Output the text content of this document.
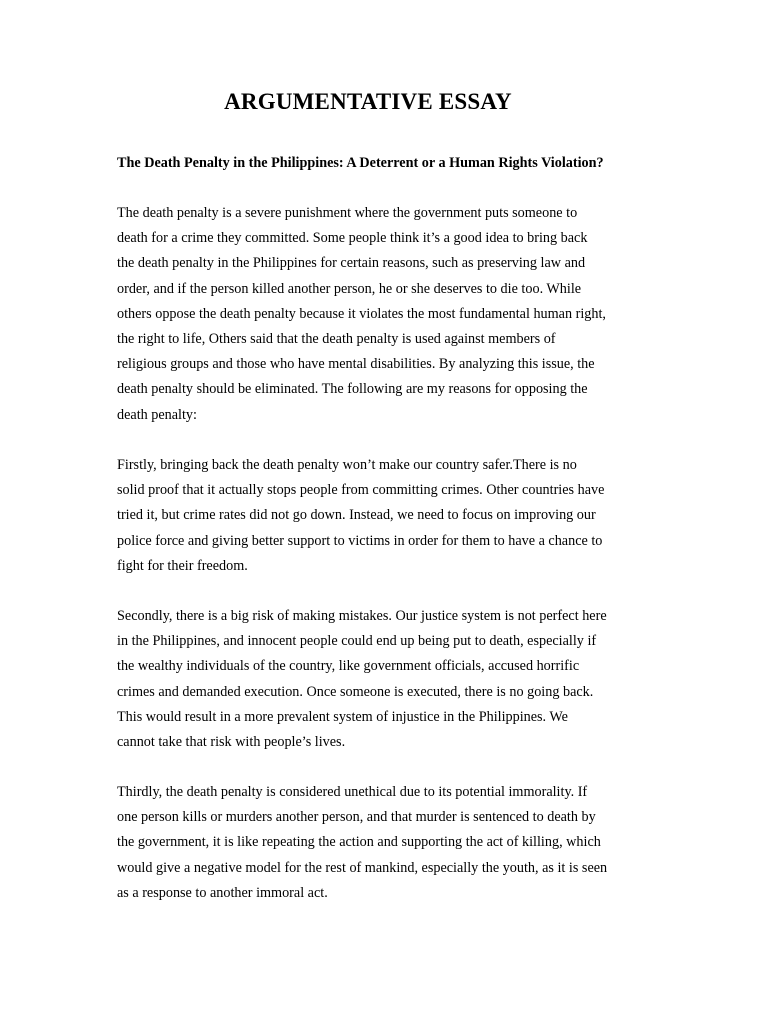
ARGUMENTATIVE ESSAY
The Death Penalty in the Philippines: A Deterrent or a Human Rights Violation?
The death penalty is a severe punishment where the government puts someone to
death for a crime they committed. Some people think it’s a good idea to bring back
the death penalty in the Philippines for certain reasons, such as preserving law and
order, and if the person killed another person, he or she deserves to die too. While
others oppose the death penalty because it violates the most fundamental human right,
the right to life, Others said that the death penalty is used against members of
religious groups and those who have mental disabilities. By analyzing this issue, the
death penalty should be eliminated. The following are my reasons for opposing the
death penalty:
Firstly, bringing back the death penalty won’t make our country safer.There is no
solid proof that it actually stops people from committing crimes. Other countries have
tried it, but crime rates did not go down. Instead, we need to focus on improving our
police force and giving better support to victims in order for them to have a chance to
fight for their freedom.
Secondly, there is a big risk of making mistakes. Our justice system is not perfect here
in the Philippines, and innocent people could end up being put to death, especially if
the wealthy individuals of the country, like government officials, accused horrific
crimes and demanded execution. Once someone is executed, there is no going back.
This would result in a more prevalent system of injustice in the Philippines. We
cannot take that risk with people’s lives.
Thirdly, the death penalty is considered unethical due to its potential immorality. If
one person kills or murders another person, and that murder is sentenced to death by
the government, it is like repeating the action and supporting the act of killing, which
would give a negative model for the rest of mankind, especially the youth, as it is seen
as a response to another immoral act.
